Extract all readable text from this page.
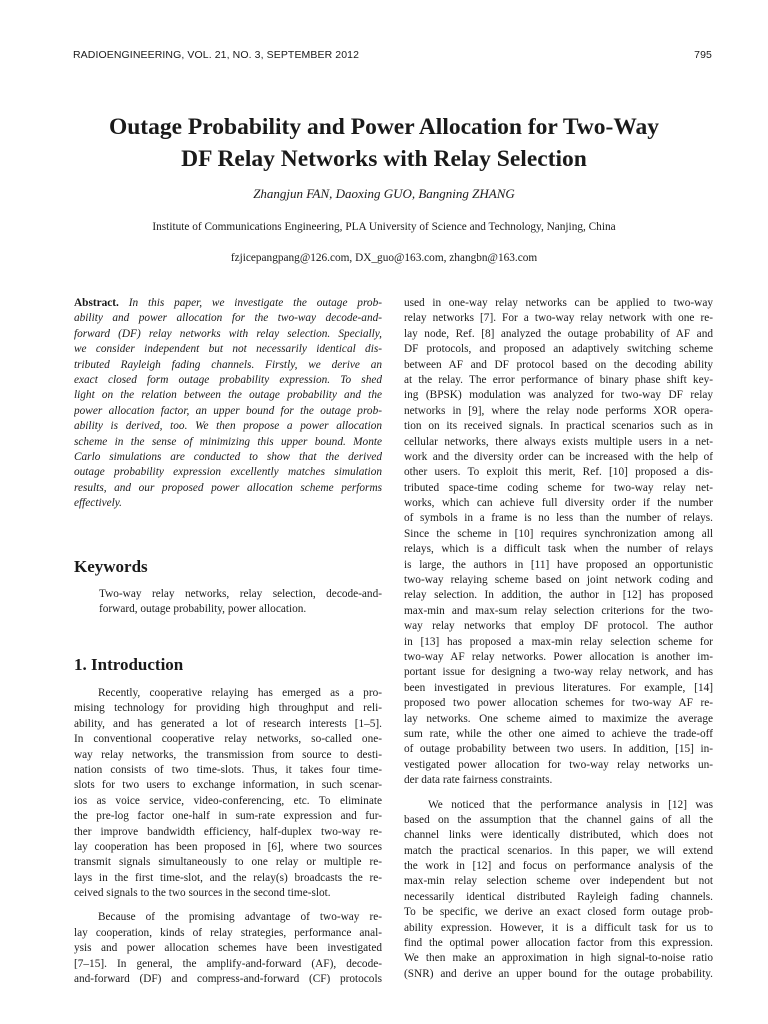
RADIOENGINEERING, VOL. 21, NO. 3, SEPTEMBER 2012	795
Outage Probability and Power Allocation for Two-Way
DF Relay Networks with Relay Selection
Zhangjun FAN, Daoxing GUO, Bangning ZHANG
Institute of Communications Engineering, PLA University of Science and Technology, Nanjing, China
fzjicepangpang@126.com, DX_guo@163.com, zhangbn@163.com
Abstract. In this paper, we investigate the outage prob-
ability and power allocation for the two-way decode-and-
forward (DF) relay networks with relay selection. Specially,
we consider independent but not necessarily identical dis-
tributed Rayleigh fading channels. Firstly, we derive an
exact closed form outage probability expression. To shed
light on the relation between the outage probability and the
power allocation factor, an upper bound for the outage prob-
ability is derived, too. We then propose a power allocation
scheme in the sense of minimizing this upper bound. Monte
Carlo simulations are conducted to show that the derived
outage probability expression excellently matches simulation
results, and our proposed power allocation scheme performs
effectively.
Keywords
Two-way relay networks, relay selection, decode-and-
forward, outage probability, power allocation.
1. Introduction
Recently, cooperative relaying has emerged as a pro-
mising technology for providing high throughput and reli-
ability, and has generated a lot of research interests [1–5].
In conventional cooperative relay networks, so-called one-
way relay networks, the transmission from source to desti-
nation consists of two time-slots. Thus, it takes four time-
slots for two users to exchange information, in such scenar-
ios as voice service, video-conferencing, etc. To eliminate
the pre-log factor one-half in sum-rate expression and fur-
ther improve bandwidth efficiency, half-duplex two-way re-
lay cooperation has been proposed in [6], where two sources
transmit signals simultaneously to one relay or multiple re-
lays in the first time-slot, and the relay(s) broadcasts the re-
ceived signals to the two sources in the second time-slot.
Because of the promising advantage of two-way re-
lay cooperation, kinds of relay strategies, performance anal-
ysis and power allocation schemes have been investigated
[7–15]. In general, the amplify-and-forward (AF), decode-
and-forward (DF) and compress-and-forward (CF) protocols
used in one-way relay networks can be applied to two-way
relay networks [7]. For a two-way relay network with one re-
lay node, Ref. [8] analyzed the outage probability of AF and
DF protocols, and proposed an adaptively switching scheme
between AF and DF protocol based on the decoding ability
at the relay. The error performance of binary phase shift key-
ing (BPSK) modulation was analyzed for two-way DF relay
networks in [9], where the relay node performs XOR opera-
tion on its received signals. In practical scenarios such as in
cellular networks, there always exists multiple users in a net-
work and the diversity order can be increased with the help of
other users. To exploit this merit, Ref. [10] proposed a dis-
tributed space-time coding scheme for two-way relay net-
works, which can achieve full diversity order if the number
of symbols in a frame is no less than the number of relays.
Since the scheme in [10] requires synchronization among all
relays, which is a difficult task when the number of relays
is large, the authors in [11] have proposed an opportunistic
two-way relaying scheme based on joint network coding and
relay selection. In addition, the author in [12] has proposed
max-min and max-sum relay selection criterions for the two-
way relay networks that employ DF protocol. The author
in [13] has proposed a max-min relay selection scheme for
two-way AF relay networks. Power allocation is another im-
portant issue for designing a two-way relay network, and has
been investigated in previous literatures. For example, [14]
proposed two power allocation schemes for two-way AF re-
lay networks. One scheme aimed to maximize the average
sum rate, while the other one aimed to achieve the trade-off
of outage probability between two users. In addition, [15] in-
vestigated power allocation for two-way relay networks un-
der data rate fairness constraints.
We noticed that the performance analysis in [12] was
based on the assumption that the channel gains of all the
channel links were identically distributed, which does not
match the practical scenarios. In this paper, we will extend
the work in [12] and focus on performance analysis of the
max-min relay selection scheme over independent but not
necessarily identical distributed Rayleigh fading channels.
To be specific, we derive an exact closed form outage prob-
ability expression. However, it is a difficult task for us to
find the optimal power allocation factor from this expression.
We then make an approximation in high signal-to-noise ratio
(SNR) and derive an upper bound for the outage probability.
